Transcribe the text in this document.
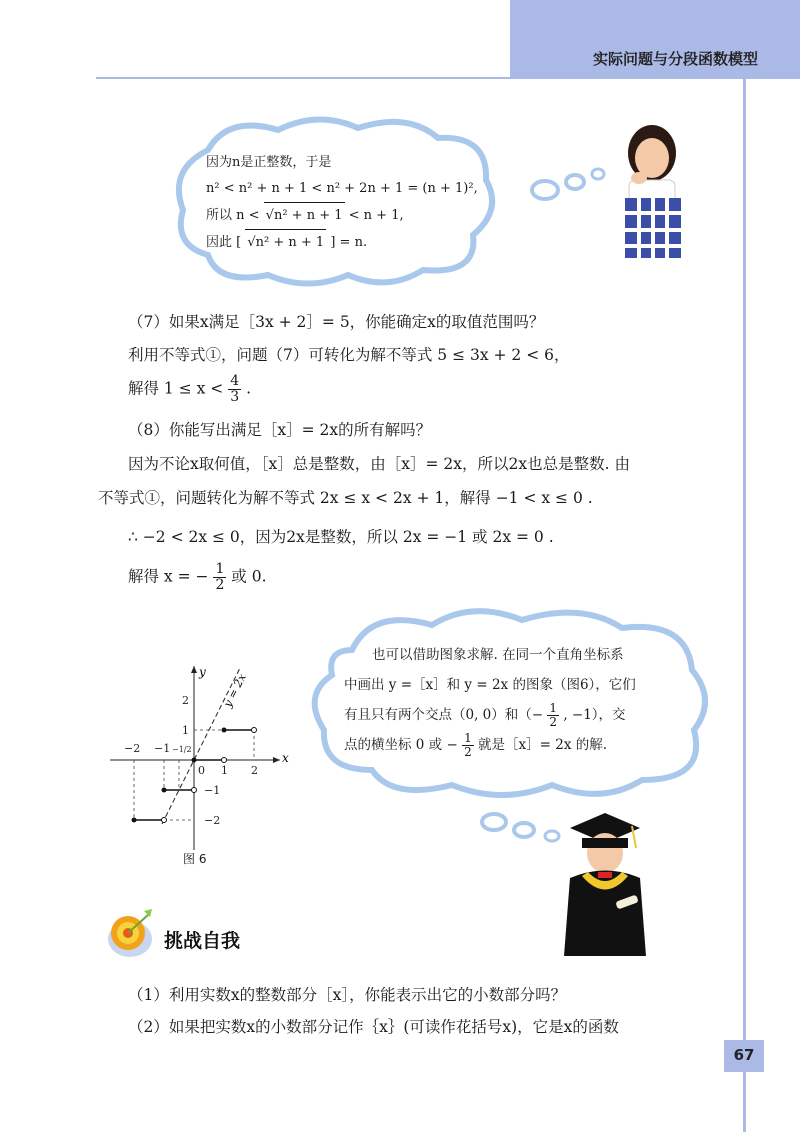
实际问题与分段函数模型
因为n是正整数，于是
n² < n² + n + 1 < n² + 2n + 1 = (n + 1)²,
所以 n < √n² + n + 1 < n + 1,
因此 [ √n² + n + 1 ] = n.
（7）如果x满足［3x + 2］= 5，你能确定x的取值范围吗？
利用不等式①，问题（7）可转化为解不等式 5 ≤ 3x + 2 < 6，
解得 $1 \le x < \frac{4}{3}$ .
（8）你能写出满足［x］= 2x的所有解吗？
因为不论x取何值，［x］总是整数，由［x］= 2x，所以2x也总是整数. 由
不等式①，问题转化为解不等式 2x ≤ x < 2x + 1，解得 −1 < x ≤ 0 .
∴ −2 < 2x ≤ 0，因为2x是整数，所以 2x = −1 或 2x = 0 .
解得 x = − $\frac{1}{2}$ 或 0.
也可以借助图象求解. 在同一个直角坐标系
中画出 y =［x］和 y = 2x 的图象（图6），它们
有且只有两个交点（0, 0）和（− $\frac{1}{2}$ , −1），交
点的横坐标 0 或 − $\frac{1}{2}$ 就是［x］= 2x 的解.
x
y y = 2x
−2 −1 −1/2
0 1 2
2
1
−1
−2
图 6
挑战自我
（1）利用实数x的整数部分［x］，你能表示出它的小数部分吗？
（2）如果把实数x的小数部分记作｛x｝(可读作花括号x)，它是x的函数
67
